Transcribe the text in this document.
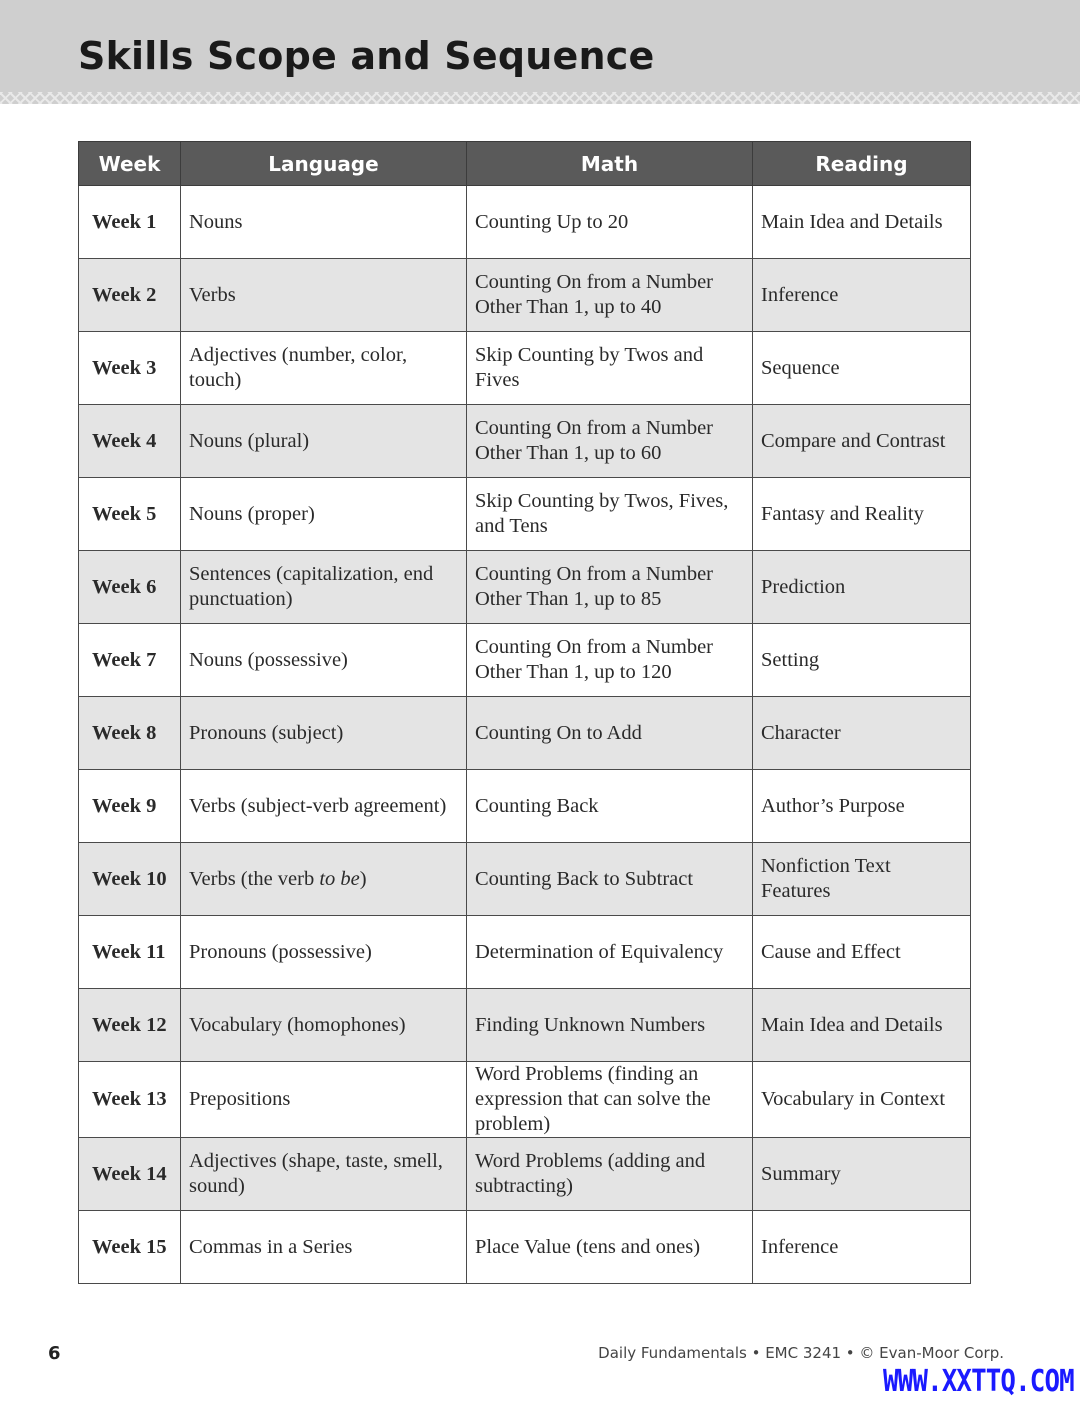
Skills Scope and Sequence
Week	Language	Math	Reading
Week 1	Nouns	Counting Up to 20	Main Idea and Details
Week 2	Verbs	Counting On from a Number Other Than 1, up to 40	Inference
Week 3	Adjectives (number, color, touch)	Skip Counting by Twos and Fives	Sequence
Week 4	Nouns (plural)	Counting On from a Number Other Than 1, up to 60	Compare and Contrast
Week 5	Nouns (proper)	Skip Counting by Twos, Fives, and Tens	Fantasy and Reality
Week 6	Sentences (capitalization, end punctuation)	Counting On from a Number Other Than 1, up to 85	Prediction
Week 7	Nouns (possessive)	Counting On from a Number Other Than 1, up to 120	Setting
Week 8	Pronouns (subject)	Counting On to Add	Character
Week 9	Verbs (subject-verb agreement)	Counting Back	Author’s Purpose
Week 10	Verbs (the verb to be)	Counting Back to Subtract	Nonfiction Text Features
Week 11	Pronouns (possessive)	Determination of Equivalency	Cause and Effect
Week 12	Vocabulary (homophones)	Finding Unknown Numbers	Main Idea and Details
Week 13	Prepositions	Word Problems (finding an expression that can solve the problem)	Vocabulary in Context
Week 14	Adjectives (shape, taste, smell, sound)	Word Problems (adding and subtracting)	Summary
Week 15	Commas in a Series	Place Value (tens and ones)	Inference
6	Daily Fundamentals • EMC 3241 • © Evan-Moor Corp.
WWW.XXTTQ.COM
